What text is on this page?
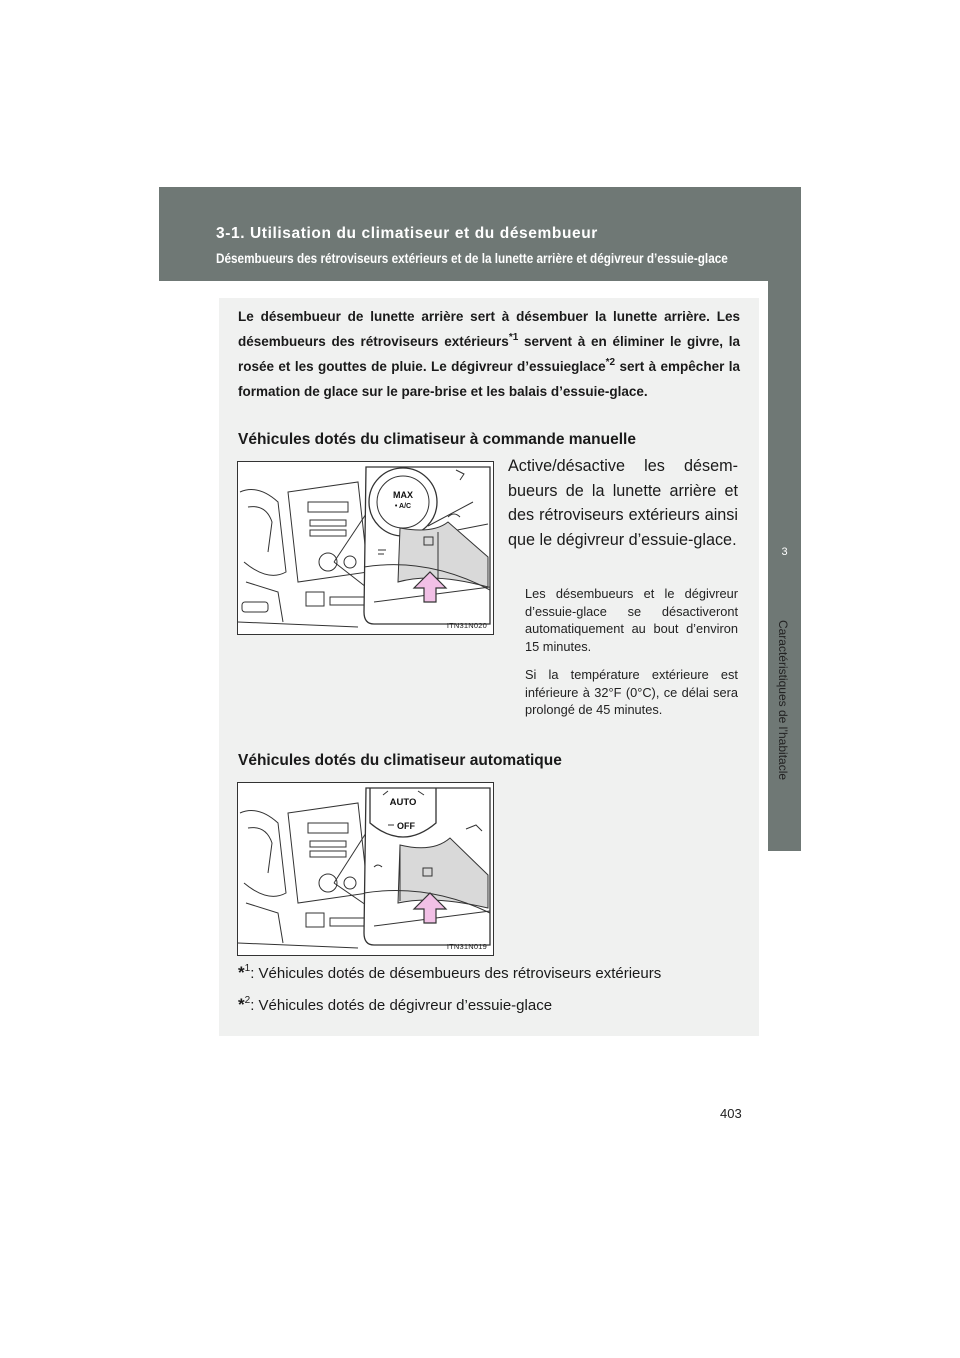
3-1. Utilisation du climatiseur et du désembueur
Désembueurs des rétroviseurs extérieurs et de la lunette arrière et dégivreur d’essuie-glace
3
Caractéristiques de l’habitacle
Le désembueur de lunette arrière sert à désembuer la lunette arrière. Les désembueurs des rétroviseurs extérieurs$^{*1}$ servent à en éliminer le givre, la rosée et les gouttes de pluie. Le dégivreur d’essuieglace$^{*2}$ sert à empêcher la formation de glace sur le pare-brise et les balais d’essuie-glace.
Véhicules dotés du climatiseur à commande manuelle
MAX
• A/C
ITN31N020
Active/désactive les désembueurs de la lunette arrière et des rétroviseurs extérieurs ainsi que le dégivreur d’essuie-glace.
Les désembueurs et le dégivreur d’essuie-glace se désactiveront automatiquement au bout d’environ 15 minutes.
Si la température extérieure est inférieure à 32°F (0°C), ce délai sera prolongé de 45 minutes.
Véhicules dotés du climatiseur automatique
AUTO
OFF
ITN31N019
*$^1$: Véhicules dotés de désembueurs des rétroviseurs extérieurs
*$^2$: Véhicules dotés de dégivreur d’essuie-glace
403
